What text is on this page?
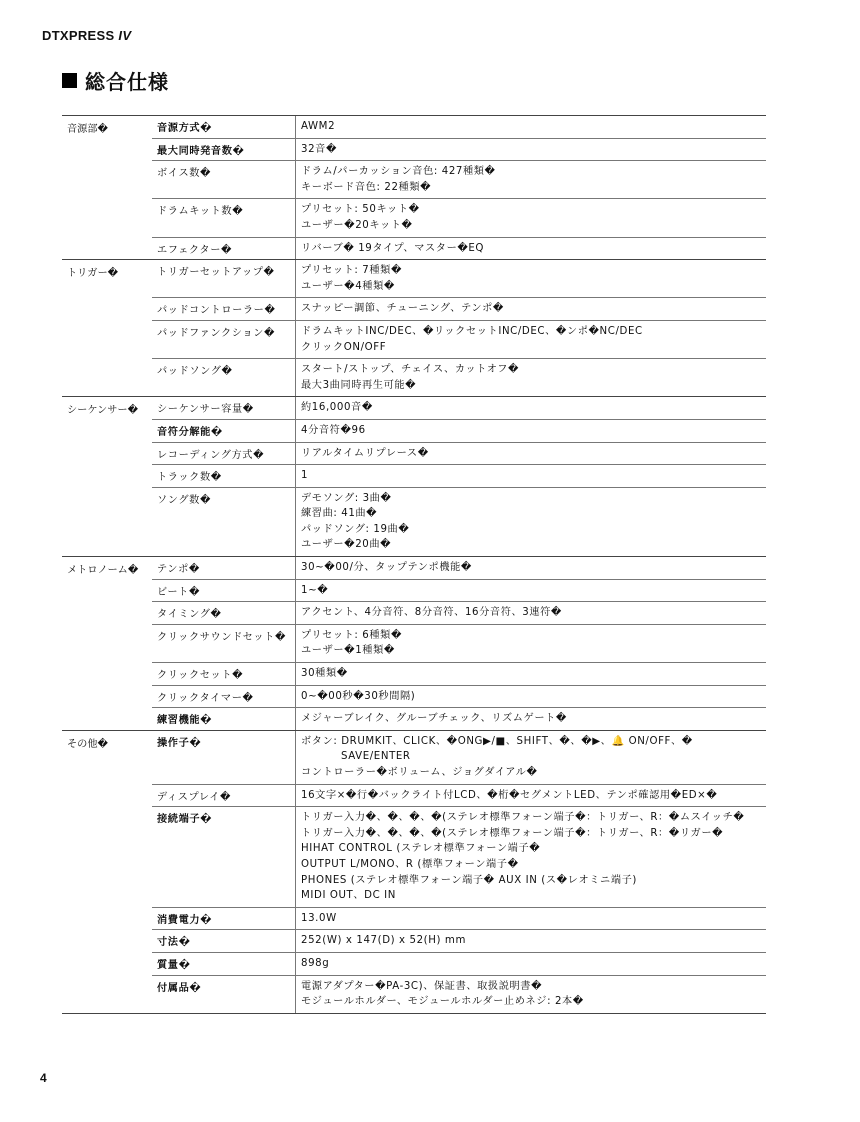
DTXPRESS IV
総合仕様
音源部�	音源方式�	AWM2
最大同時発音数�	32音�
ボイス数�	ドラム/パーカッション音色: 427種類�
キーボード音色: 22種類�
ドラムキット数�	プリセット: 50キット�
ユーザー�20キット�
エフェクター�	リバーブ� 19タイプ、マスター�EQ
トリガー�	トリガーセットアップ�	プリセット: 7種類�
ユーザー�4種類�
パッドコントローラー�	スナッピー調節、チューニング、テンポ�
パッドファンクション�	ドラムキットINC/DEC、�リックセットINC/DEC、�ンポ�NC/DEC
クリックON/OFF
パッドソング�	スタート/ストップ、チェイス、カットオフ�
最大3曲同時再生可能�
シーケンサー�	シーケンサー容量�	約16,000音�
音符分解能�	4分音符�96
レコーディング方式�	リアルタイムリプレース�
トラック数�	1
ソング数�	デモソング: 3曲�
練習曲: 41曲�
パッドソング: 19曲�
ユーザー�20曲�
メトロノーム�	テンポ�	30~�00/分、タップテンポ機能�
ビート�	1~�
タイミング�	アクセント、4分音符、8分音符、16分音符、3連符�
クリックサウンドセット�	プリセット: 6種類�
ユーザー�1種類�
クリックセット�	30種類�
クリックタイマー�	0~�00秒�30秒間隔)
練習機能�	メジャーブレイク、グルーブチェック、リズムゲート�
その他�	操作子�	ボタン: DRUMKIT、CLICK、�ONG▶/■、SHIFT、�、�▶、🔔 ON/OFF、�
SAVE/ENTER
コントローラー�ボリューム、ジョグダイアル�
ディスプレイ�	16文字×�行�バックライト付LCD、�桁�セグメントLED、テンポ確認用�ED×�
接続端子�	トリガー入力�、�、�、�(ステレオ標準フォーン端子�：トリガー、R：�ムスイッチ�
トリガー入力�、�、�、�(ステレオ標準フォーン端子�：トリガー、R：�リガー�
HIHAT CONTROL (ステレオ標準フォーン端子�
OUTPUT L/MONO、R (標準フォーン端子�
PHONES (ステレオ標準フォーン端子� AUX IN (ス�レオミニ端子)
MIDI OUT、DC IN
消費電力�	13.0W
寸法�	252(W) x 147(D) x 52(H) mm
質量�	898g
付属品�	電源アダプター�PA-3C)、保証書、取扱説明書�
モジュールホルダー、モジュールホルダー止めネジ: 2本�
4
